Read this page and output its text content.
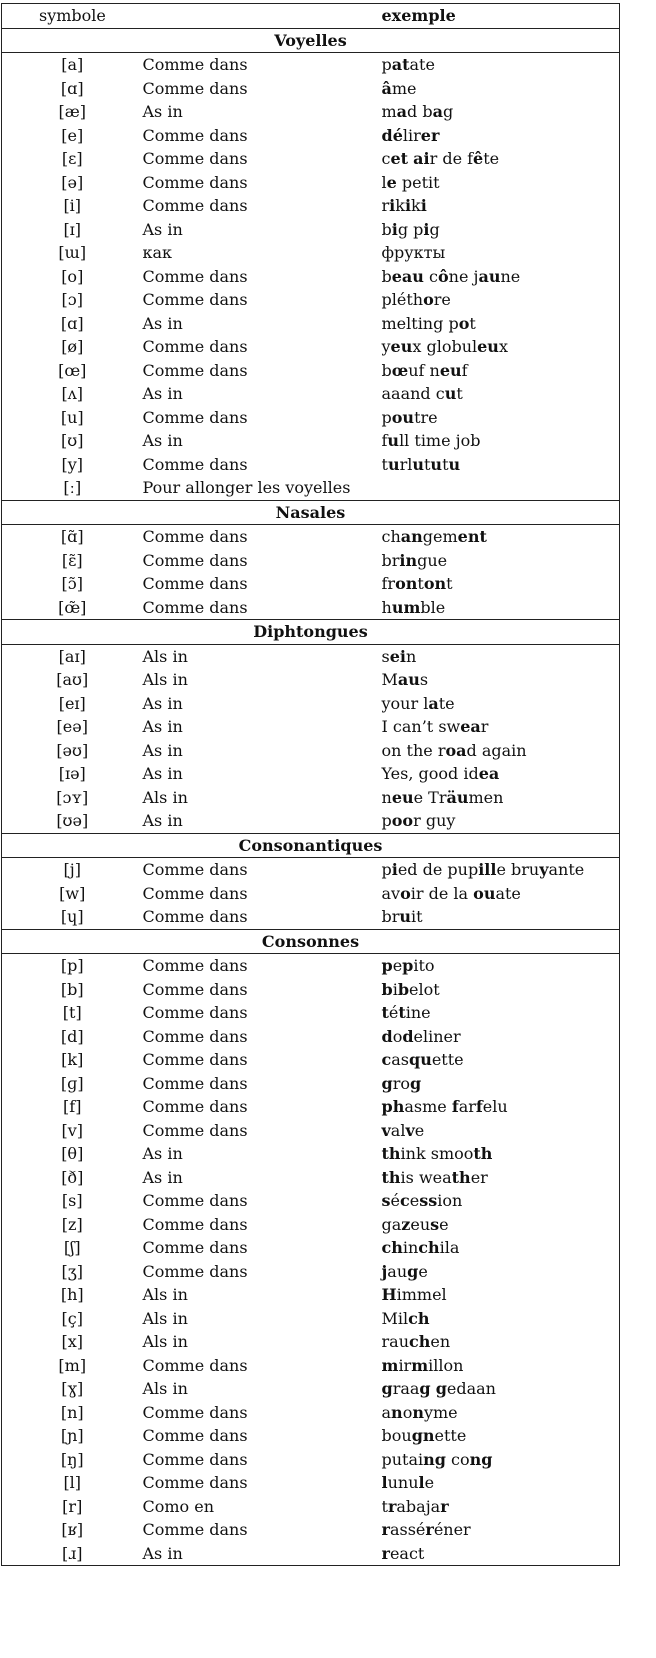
symbole		exemple
Voyelles		
[a]	Comme dans	patate
[ɑ]	Comme dans	âme
[æ]	As in	mad bag
[e]	Comme dans	délirer
[ɛ]	Comme dans	cet air de fête
[ə]	Comme dans	le petit
[i]	Comme dans	rikiki
[ɪ]	As in	big pig
[ɯ]	как	фрукты
[o]	Comme dans	beau cône jaune
[ɔ]	Comme dans	pléthore
[ɑ]	As in	melting pot
[ø]	Comme dans	yeux globuleux
[œ]	Comme dans	bœuf neuf
[ʌ]	As in	aaand cut
[u]	Comme dans	poutre
[ʊ]	As in	full time job
[y]	Comme dans	turlututu
[ː]	Pour allonger les voyelles	
Nasales		
[ɑ̃]	Comme dans	changement
[ɛ̃]	Comme dans	bringue
[ɔ̃]	Comme dans	frontont
[œ̃]	Comme dans	humble
Diphtongues		
[aɪ]	Als in	sein
[aʊ]	Als in	Maus
[eɪ]	As in	your late
[eə]	As in	I can’t swear
[əʊ]	As in	on the road again
[ɪə]	As in	Yes, good idea
[ɔʏ]	Als in	neue Träumen
[ʊə]	As in	poor guy
Consonantiques		
[j]	Comme dans	pied de pupille bruyante
[w]	Comme dans	avoir de la ouate
[ɥ]	Comme dans	bruit
Consonnes		
[p]	Comme dans	pepito
[b]	Comme dans	bibelot
[t]	Comme dans	tétine
[d]	Comme dans	dodeliner
[k]	Comme dans	casquette
[ɡ]	Comme dans	grog
[f]	Comme dans	phasme farfelu
[v]	Comme dans	valve
[θ]	As in	think smooth
[ð]	As in	this weather
[s]	Comme dans	sécession
[z]	Comme dans	gazeuse
[ʃ]	Comme dans	chinchila
[ʒ]	Comme dans	jauge
[h]	Als in	Himmel
[ç]	Als in	Milch
[x]	Als in	rauchen
[m]	Comme dans	mirmillon
[ɣ]	Als in	graag gedaan
[n]	Comme dans	anonyme
[ɲ]	Comme dans	bougnette
[ŋ]	Comme dans	putaing cong
[l]	Comme dans	lunule
[r]	Como en	trabajar
[ʁ]	Comme dans	rasséréner
[ɹ]	As in	react
